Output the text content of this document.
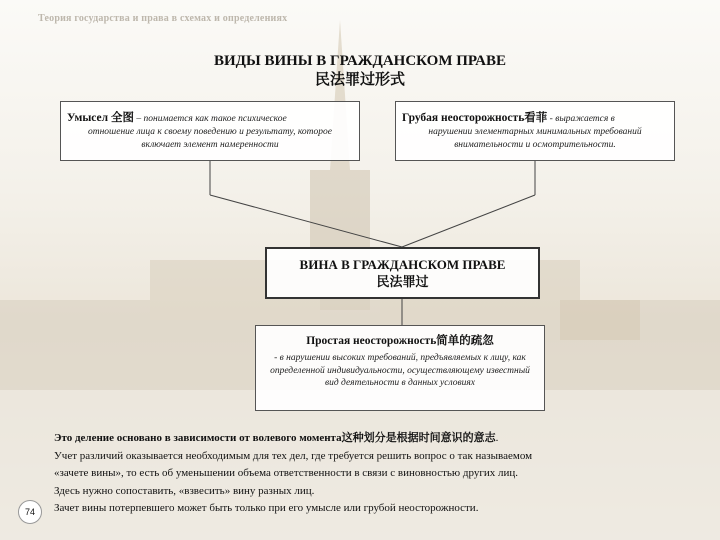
Теория государства и права в схемах и определениях
ВИДЫ ВИНЫ В ГРАЖДАНСКОМ ПРАВЕ
民法罪过形式
Умысел 全图 – понимается как такое психическое
отношение лица к своему поведению и результату, которое включает элемент намеренности
Грубая неосторожность看菲 - выражается в
нарушении элементарных минимальных требований внимательности и осмотрительности.
ВИНА В ГРАЖДАНСКОМ ПРАВЕ
民法罪过
Простая неосторожность简单的疏忽
- в нарушении высоких требований, предъявляемых к лицу, как определенной индивидуальности, осуществляющему известный вид деятельности в данных условиях
Это деление основано в зависимости от волевого момента这种划分是根据时间意识的意志.
Учет различий оказывается необходимым для тех дел, где требуется решить вопрос о так называемом
«зачете вины», то есть об уменьшении объема ответственности в связи с виновностью других лиц.
Здесь нужно сопоставить, «взвесить» вину разных лиц.
Зачет вины потерпевшего может быть только при его умысле или грубой неосторожности.
74
